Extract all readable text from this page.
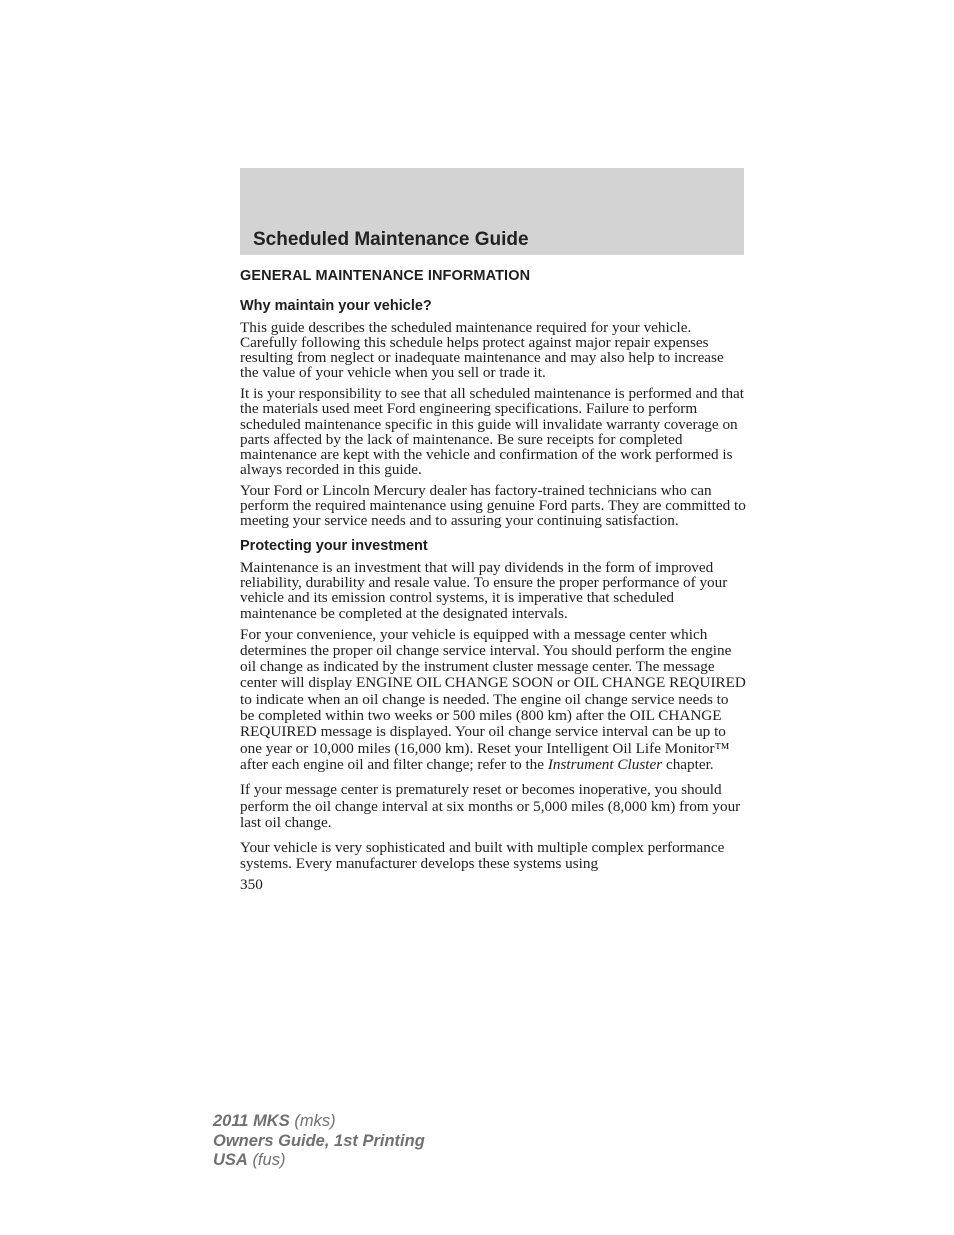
Scheduled Maintenance Guide
GENERAL MAINTENANCE INFORMATION
Why maintain your vehicle?

This guide describes the scheduled maintenance required for your vehicle. Carefully following this schedule helps protect against major repair expenses resulting from neglect or inadequate maintenance and may also help to increase the value of your vehicle when you sell or trade it.

It is your responsibility to see that all scheduled maintenance is performed and that the materials used meet Ford engineering specifications. Failure to perform scheduled maintenance specific in this guide will invalidate warranty coverage on parts affected by the lack of maintenance. Be sure receipts for completed maintenance are kept with the vehicle and confirmation of the work performed is always recorded in this guide.

Your Ford or Lincoln Mercury dealer has factory-trained technicians who can perform the required maintenance using genuine Ford parts. They are committed to meeting your service needs and to assuring your continuing satisfaction.

Protecting your investment

Maintenance is an investment that will pay dividends in the form of improved reliability, durability and resale value. To ensure the proper performance of your vehicle and its emission control systems, it is imperative that scheduled maintenance be completed at the designated intervals.

For your convenience, your vehicle is equipped with a message center which determines the proper oil change service interval. You should perform the engine oil change as indicated by the instrument cluster message center. The message center will display ENGINE OIL CHANGE SOON or OIL CHANGE REQUIRED to indicate when an oil change is needed. The engine oil change service needs to be completed within two weeks or 500 miles (800 km) after the OIL CHANGE REQUIRED message is displayed. Your oil change service interval can be up to one year or 10,000 miles (16,000 km). Reset your Intelligent Oil Life Monitor™ after each engine oil and filter change; refer to the Instrument Cluster chapter.

If your message center is prematurely reset or becomes inoperative, you should perform the oil change interval at six months or 5,000 miles (8,000 km) from your last oil change.

Your vehicle is very sophisticated and built with multiple complex performance systems. Every manufacturer develops these systems using

350
2011 MKS (mks)
Owners Guide, 1st Printing
USA (fus)
